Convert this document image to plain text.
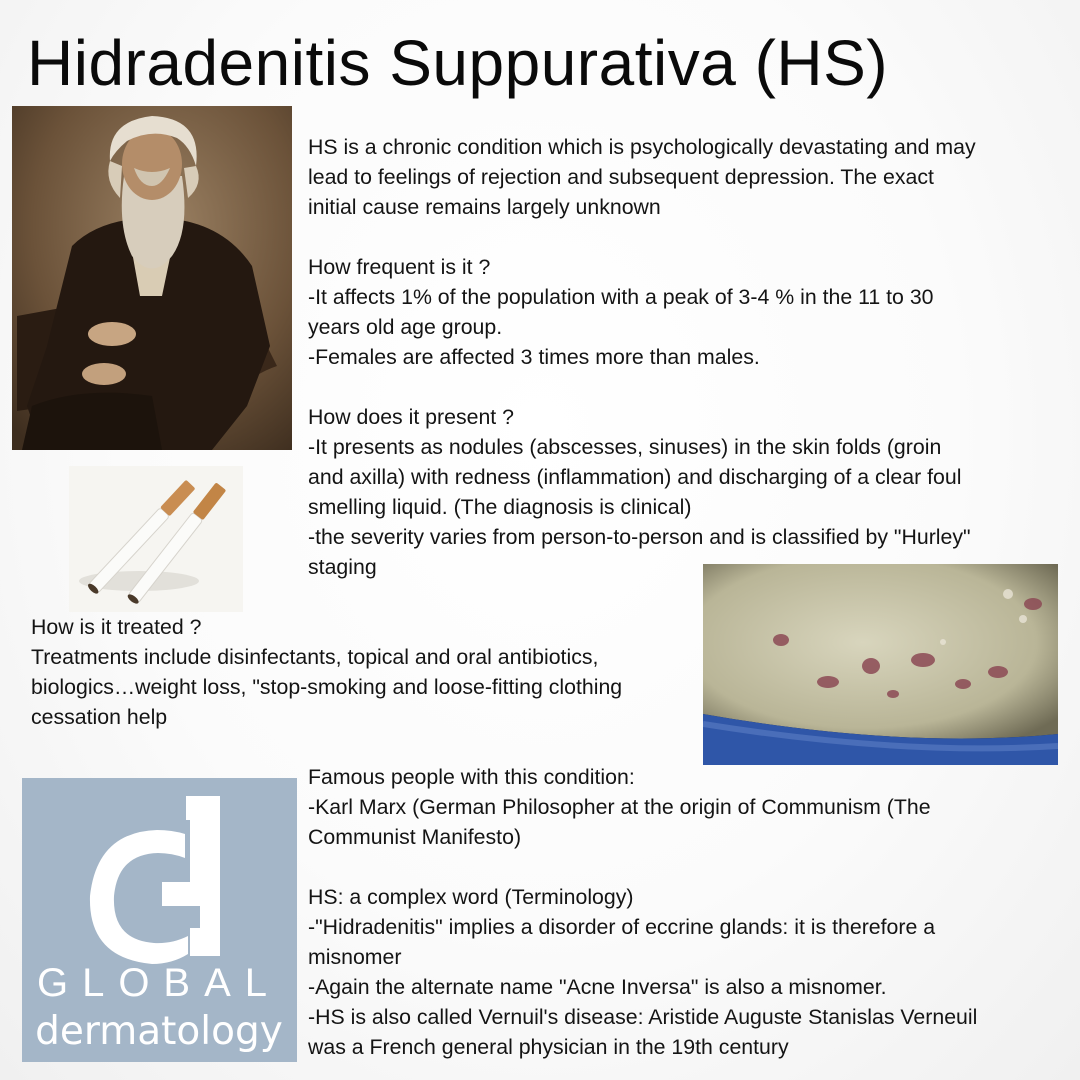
Hidradenitis Suppurativa (HS)
GLOBAL
dermatology

HS is a chronic condition which is psychologically devastating and may

lead to feelings of rejection and subsequent depression. The exact

initial cause remains largely unknown

How frequent is it ?

-It affects 1% of the population with a peak of 3-4 % in the 11 to 30

years old age group.

-Females are affected 3 times more than males.

How does it present ?

-It presents as nodules (abscesses, sinuses) in the skin folds (groin

and axilla) with redness (inflammation) and discharging of a clear foul

smelling liquid. (The diagnosis is clinical)

-the severity varies from person-to-person and is classified by "Hurley"

staging

How is it treated ?

Treatments include disinfectants, topical and oral antibiotics,

biologics…weight loss, "stop-smoking and loose-fitting clothing

cessation help

Famous people with this condition:

-Karl Marx (German Philosopher at the origin of Communism (The

Communist Manifesto)

HS: a complex word (Terminology)

-"Hidradenitis" implies a disorder of eccrine glands: it is therefore a

misnomer

-Again the alternate name "Acne Inversa" is also a misnomer.

-HS is also called Vernuil's disease: Aristide Auguste Stanislas Verneuil

was a French general physician in the 19th century
